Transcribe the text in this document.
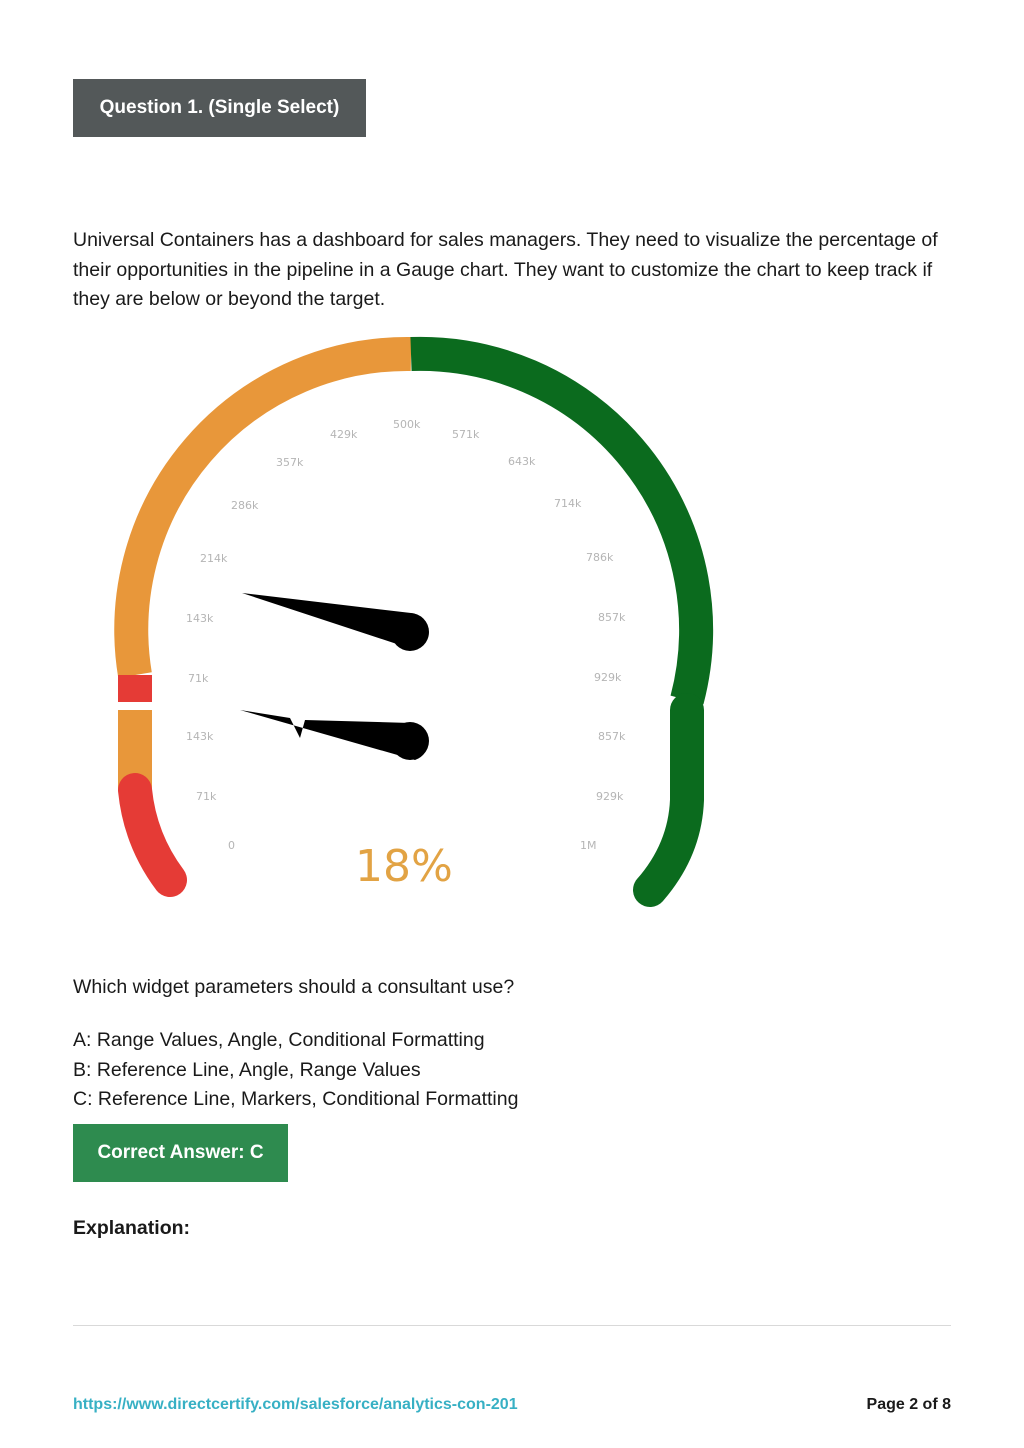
Question 1. (Single Select)

Universal Containers has a dashboard for sales managers. They need to visualize the percentage of their opportunities in the pipeline in a Gauge chart. They want to customize the chart to keep track if they are below or beyond the target.

71k
143k
214k
286k
357k
429k
500k
571k
643k
714k
786k
857k
929k
0
71k
143k	857k
929k
1M
18%

Which widget parameters should a consultant use?

A: Range Values, Angle, Conditional Formatting
B: Reference Line, Angle, Range Values
C: Reference Line, Markers, Conditional Formatting
Correct Answer: C

Explanation:

https://www.directcertify.com/salesforce/analytics-con-201	Page 2 of 8
